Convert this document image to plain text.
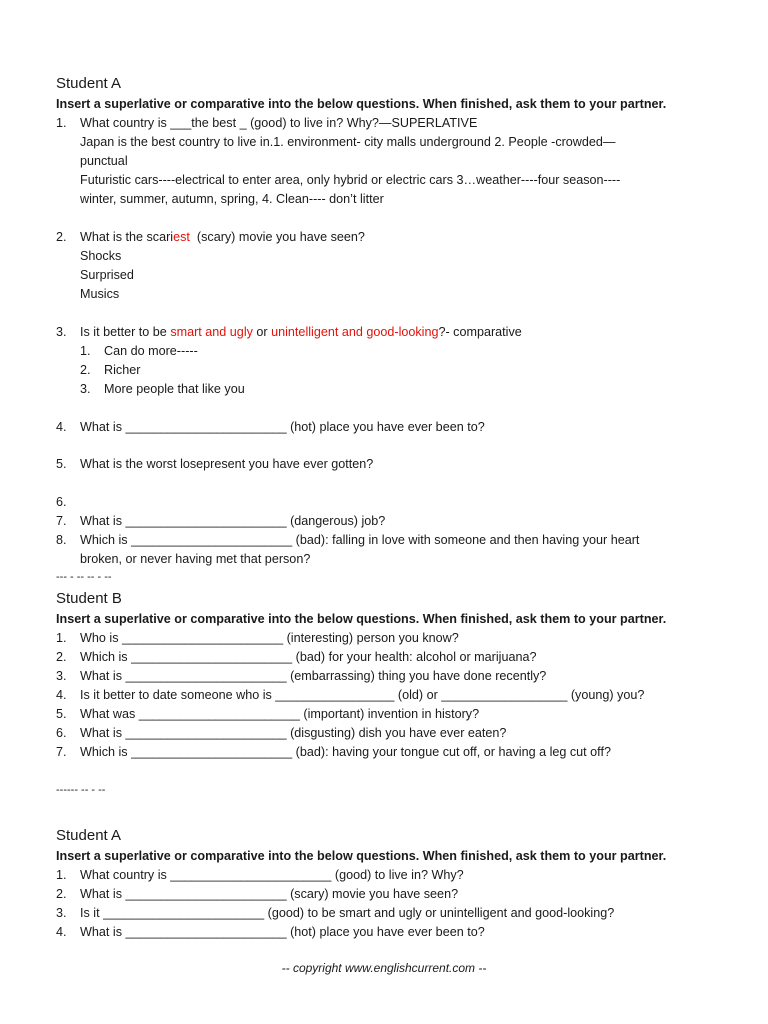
Student A
Insert a superlative or comparative into the below questions. When finished, ask them to your partner.
1. What country is ___the best _ (good) to live in? Why?—SUPERLATIVE
Japan is the best country to live in.1. environment- city malls underground 2. People -crowded—
punctual
Futuristic cars----electrical to enter area, only hybrid or electric cars 3…weather----four season----
winter, summer, autumn, spring, 4. Clean---- don’t litter
2. What is the scariest  (scary) movie you have seen?
Shocks
Surprised
Musics
3. Is it better to be smart and ugly or unintelligent and good-looking?- comparative
1. Can do more-----
2. Richer
3. More people that like you
4. What is _______________________ (hot) place you have ever been to?
5. What is the worst losepresent you have ever gotten?
6.
7. What is _______________________ (dangerous) job?
8. Which is _______________________ (bad): falling in love with someone and then having your heart
broken, or never having met that person?
--- - -- -- - --
Student B
Insert a superlative or comparative into the below questions. When finished, ask them to your partner.
1. Who is _______________________ (interesting) person you know?
2. Which is _______________________ (bad) for your health: alcohol or marijuana?
3. What is _______________________ (embarrassing) thing you have done recently?
4. Is it better to date someone who is _________________ (old) or __________________ (young) you?
5. What was _______________________ (important) invention in history?
6. What is _______________________ (disgusting) dish you have ever eaten?
7. Which is _______________________ (bad): having your tongue cut off, or having a leg cut off?
------ -- - --
Student A
Insert a superlative or comparative into the below questions. When finished, ask them to your partner.
1. What country is _______________________ (good) to live in? Why?
2. What is _______________________ (scary) movie you have seen?
3. Is it _______________________ (good) to be smart and ugly or unintelligent and good-looking?
4. What is _______________________ (hot) place you have ever been to?
-- copyright www.englishcurrent.com --
